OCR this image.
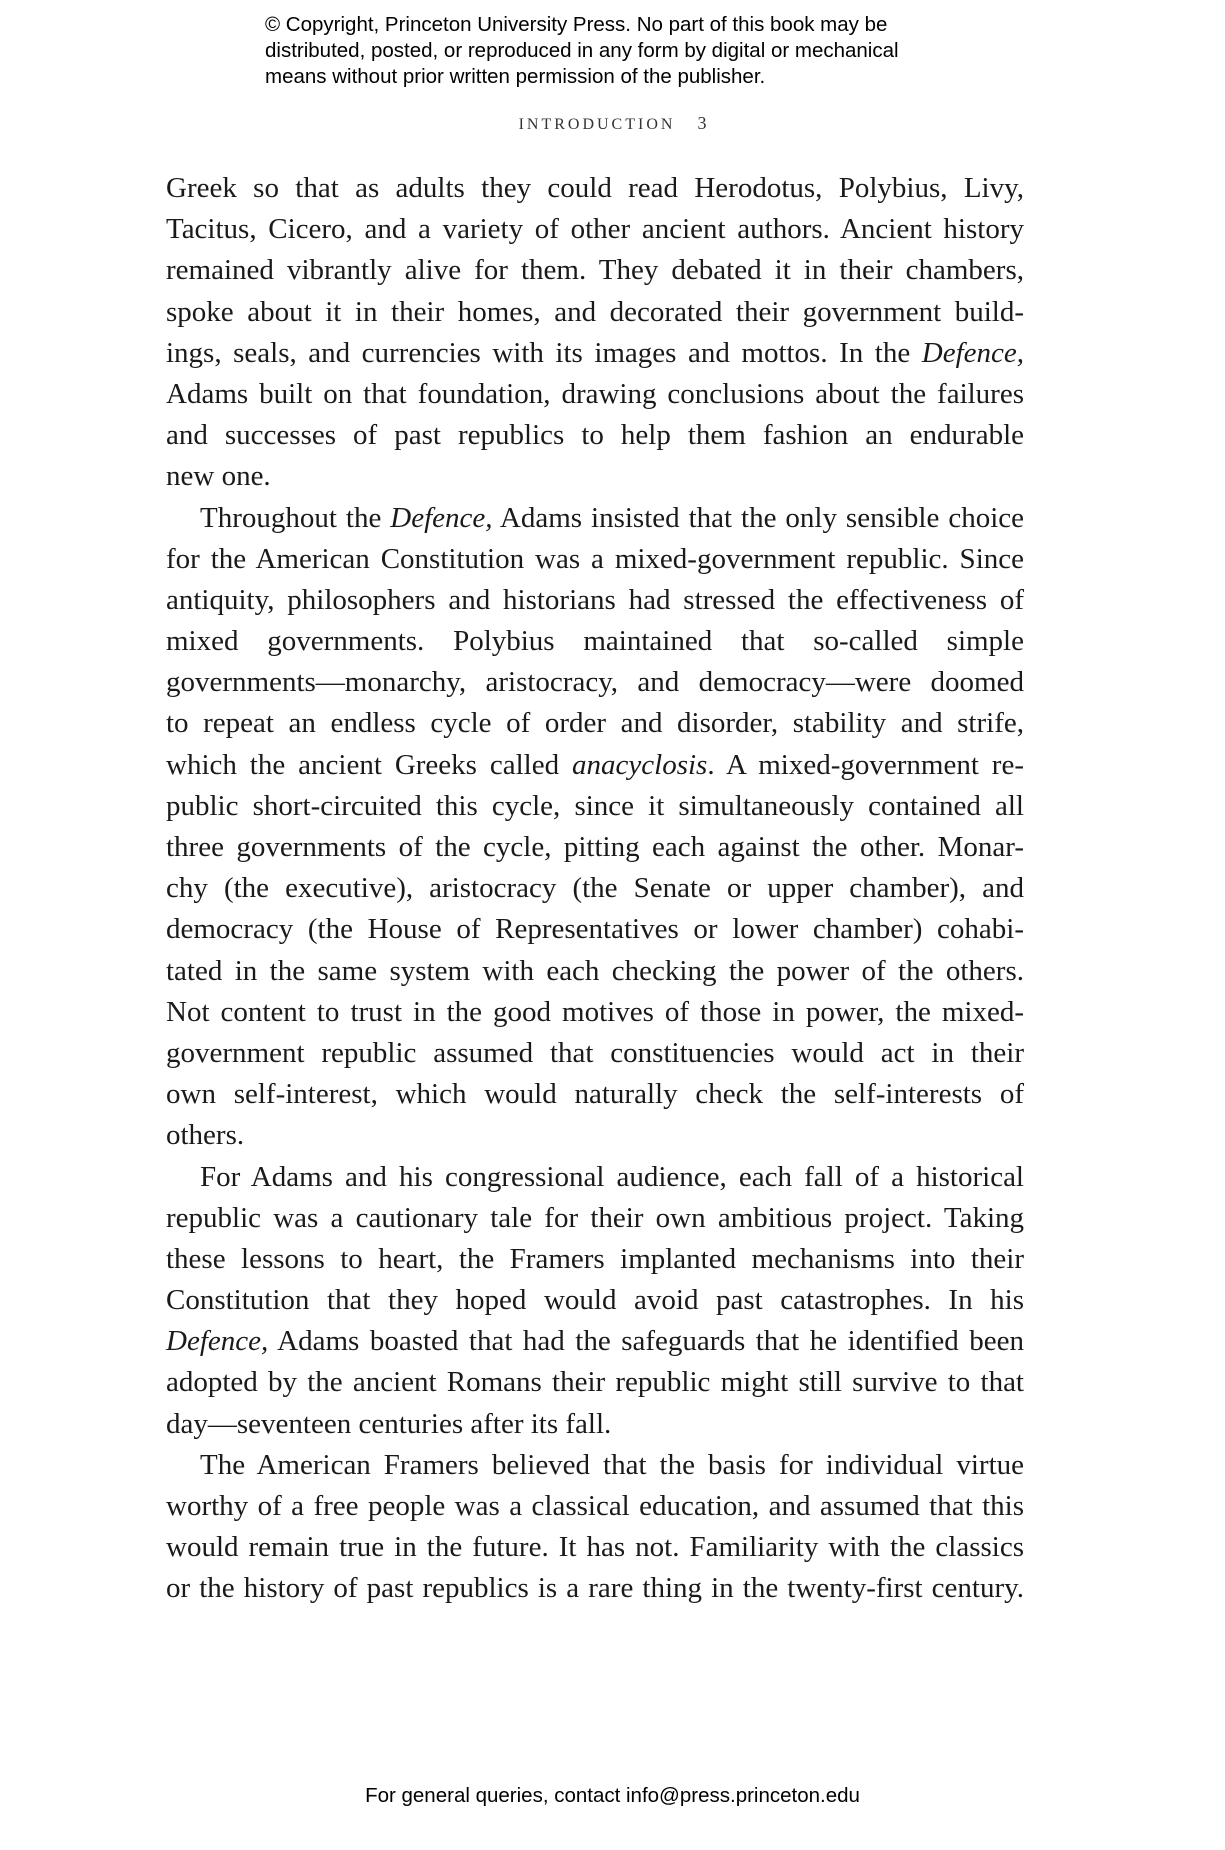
© Copyright, Princeton University Press. No part of this book may be
distributed, posted, or reproduced in any form by digital or mechanical
means without prior written permission of the publisher.
INTRODUCTION 3
Greek so that as adults they could read Herodotus, Polybius, Livy,
Tacitus, Cicero, and a variety of other ancient authors. Ancient history
remained vibrantly alive for them. They debated it in their chambers,
spoke about it in their homes, and decorated their government build-
ings, seals, and currencies with its images and mottos. In the Defence,
Adams built on that foundation, drawing conclusions about the failures
and successes of past republics to help them fashion an endurable
new one.
Throughout the Defence, Adams insisted that the only sensible choice
for the American Constitution was a mixed-government republic. Since
antiquity, philosophers and historians had stressed the effectiveness of
mixed governments. Polybius maintained that so-called simple
governments—monarchy, aristocracy, and democracy—were doomed
to repeat an endless cycle of order and disorder, stability and strife,
which the ancient Greeks called anacyclosis. A mixed-government re-
public short-circuited this cycle, since it simultaneously contained all
three governments of the cycle, pitting each against the other. Monar-
chy (the executive), aristocracy (the Senate or upper chamber), and
democracy (the House of Representatives or lower chamber) cohabi-
tated in the same system with each checking the power of the others.
Not content to trust in the good motives of those in power, the mixed-
government republic assumed that constituencies would act in their
own self-interest, which would naturally check the self-interests of
others.
For Adams and his congressional audience, each fall of a historical
republic was a cautionary tale for their own ambitious project. Taking
these lessons to heart, the Framers implanted mechanisms into their
Constitution that they hoped would avoid past catastrophes. In his
Defence, Adams boasted that had the safeguards that he identified been
adopted by the ancient Romans their republic might still survive to that
day—seventeen centuries after its fall.
The American Framers believed that the basis for individual virtue
worthy of a free people was a classical education, and assumed that this
would remain true in the future. It has not. Familiarity with the classics
or the history of past republics is a rare thing in the twenty-first century.
For general queries, contact info@press.princeton.edu
